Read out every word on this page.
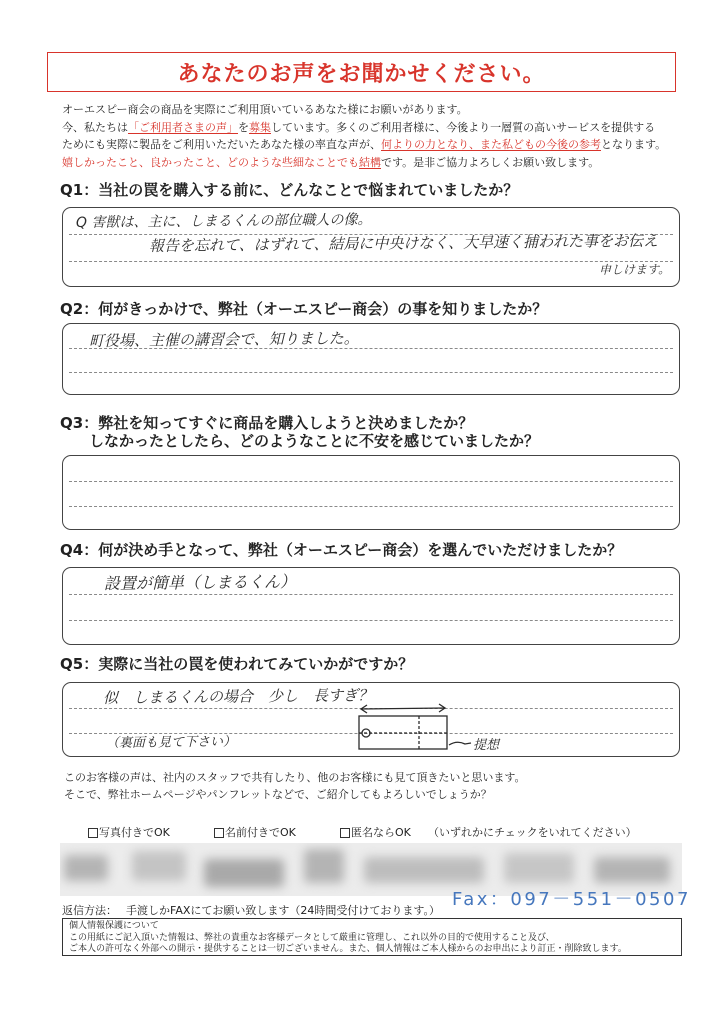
あなたのお声をお聞かせください。
オーエスピー商会の商品を実際にご利用頂いているあなた様にお願いがあります。
今、私たちは「ご利用者さまの声」を募集しています。多くのご利用者様に、今後より一層質の高いサービスを提供する
ためにも実際に製品をご利用いただいたあなた様の率直な声が、何よりの力となり、また私どもの今後の参考となります。
嬉しかったこと、良かったこと、どのような些細なことでも結構です。是非ご協力よろしくお願い致します。
Q1：当社の罠を購入する前に、どんなことで悩まれていましたか？
Q 害獣は、主に、しまるくんの部位職人の像。
報告を忘れて、はずれて、結局に中央けなく、大早速く捕われた事をお伝え
申しけます。
Q2：何がきっかけで、弊社（オーエスピー商会）の事を知りましたか？
町役場、主催の講習会で、知りました。
Q3：弊社を知ってすぐに商品を購入しようと決めましたか？
しなかったとしたら、どのようなことに不安を感じていましたか？
Q4：何が決め手となって、弊社（オーエスピー商会）を選んでいただけましたか？
設置が簡単（しまるくん）
Q5：実際に当社の罠を使われてみていかがですか？
似　しまるくんの場合　少し　長すぎ？
（裏面も見て下さい）	提想
このお客様の声は、社内のスタッフで共有したり、他のお客様にも見て頂きたいと思います。
そこで、弊社ホームページやパンフレットなどで、ご紹介してもよろしいでしょうか？
写真付きでOK	名前付きでOK	匿名ならOK （いずれかにチェックをいれてください）
返信方法： 手渡しかFAXにてお願い致します（24時間受付けております。）
Fax：097－551－0507
個人情報保護について
この用紙にご記入頂いた情報は、弊社の貴重なお客様データとして厳重に管理し、これ以外の目的で使用すること及び、
ご本人の許可なく外部への開示・提供することは一切ございません。また、個人情報はご本人様からのお申出により訂正・削除致します。
